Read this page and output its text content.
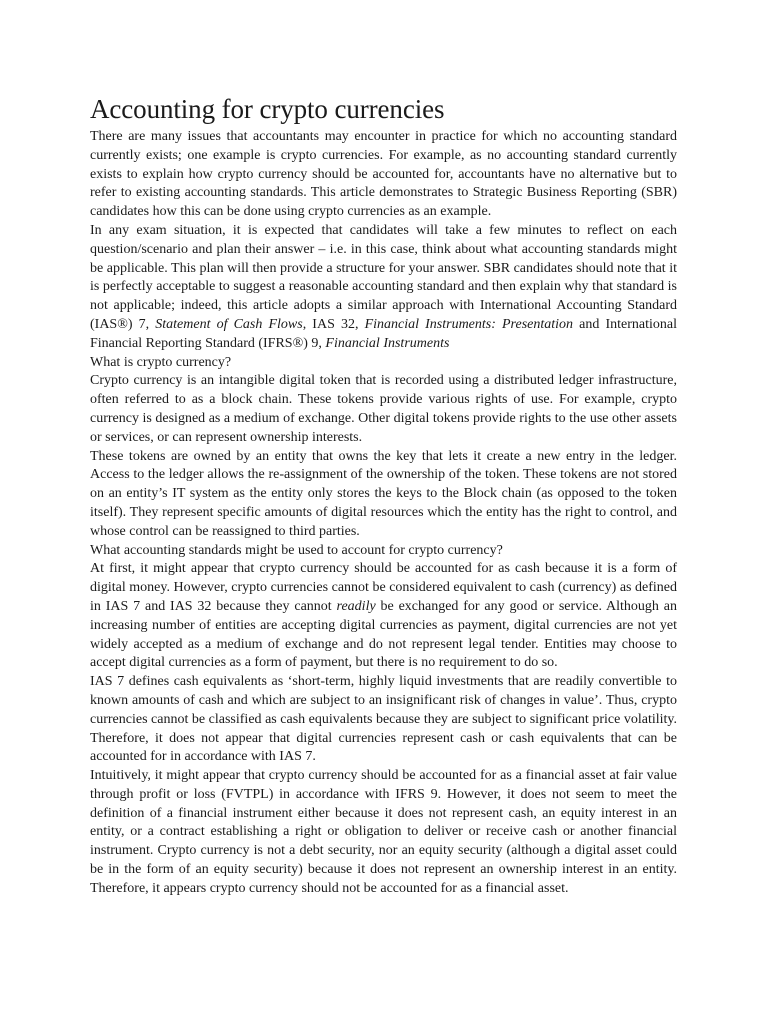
Accounting for crypto currencies

There are many issues that accountants may encounter in practice for which no accounting standard currently exists; one example is crypto currencies. For example, as no accounting standard currently exists to explain how crypto currency should be accounted for, accountants have no alternative but to refer to existing accounting standards. This article demonstrates to Strategic Business Reporting (SBR) candidates how this can be done using crypto currencies as an example.

In any exam situation, it is expected that candidates will take a few minutes to reflect on each question/scenario and plan their answer – i.e. in this case, think about what accounting standards might be applicable. This plan will then provide a structure for your answer. SBR candidates should note that it is perfectly acceptable to suggest a reasonable accounting standard and then explain why that standard is not applicable; indeed, this article adopts a similar approach with International Accounting Standard (IAS®) 7, Statement of Cash Flows, IAS 32, Financial Instruments: Presentation and International Financial Reporting Standard (IFRS®) 9, Financial Instruments

What is crypto currency?

Crypto currency is an intangible digital token that is recorded using a distributed ledger infrastructure, often referred to as a block chain. These tokens provide various rights of use. For example, crypto currency is designed as a medium of exchange. Other digital tokens provide rights to the use other assets or services, or can represent ownership interests.

These tokens are owned by an entity that owns the key that lets it create a new entry in the ledger. Access to the ledger allows the re-assignment of the ownership of the token. These tokens are not stored on an entity’s IT system as the entity only stores the keys to the Block chain (as opposed to the token itself). They represent specific amounts of digital resources which the entity has the right to control, and whose control can be reassigned to third parties.

What accounting standards might be used to account for crypto currency?

At first, it might appear that crypto currency should be accounted for as cash because it is a form of digital money. However, crypto currencies cannot be considered equivalent to cash (currency) as defined in IAS 7 and IAS 32 because they cannot readily be exchanged for any good or service. Although an increasing number of entities are accepting digital currencies as payment, digital currencies are not yet widely accepted as a medium of exchange and do not represent legal tender. Entities may choose to accept digital currencies as a form of payment, but there is no requirement to do so.

IAS 7 defines cash equivalents as ‘short-term, highly liquid investments that are readily convertible to known amounts of cash and which are subject to an insignificant risk of changes in value’. Thus, crypto currencies cannot be classified as cash equivalents because they are subject to significant price volatility. Therefore, it does not appear that digital currencies represent cash or cash equivalents that can be accounted for in accordance with IAS 7.

Intuitively, it might appear that crypto currency should be accounted for as a financial asset at fair value through profit or loss (FVTPL) in accordance with IFRS 9. However, it does not seem to meet the definition of a financial instrument either because it does not represent cash, an equity interest in an entity, or a contract establishing a right or obligation to deliver or receive cash or another financial instrument. Crypto currency is not a debt security, nor an equity security (although a digital asset could be in the form of an equity security) because it does not represent an ownership interest in an entity. Therefore, it appears crypto currency should not be accounted for as a financial asset.
